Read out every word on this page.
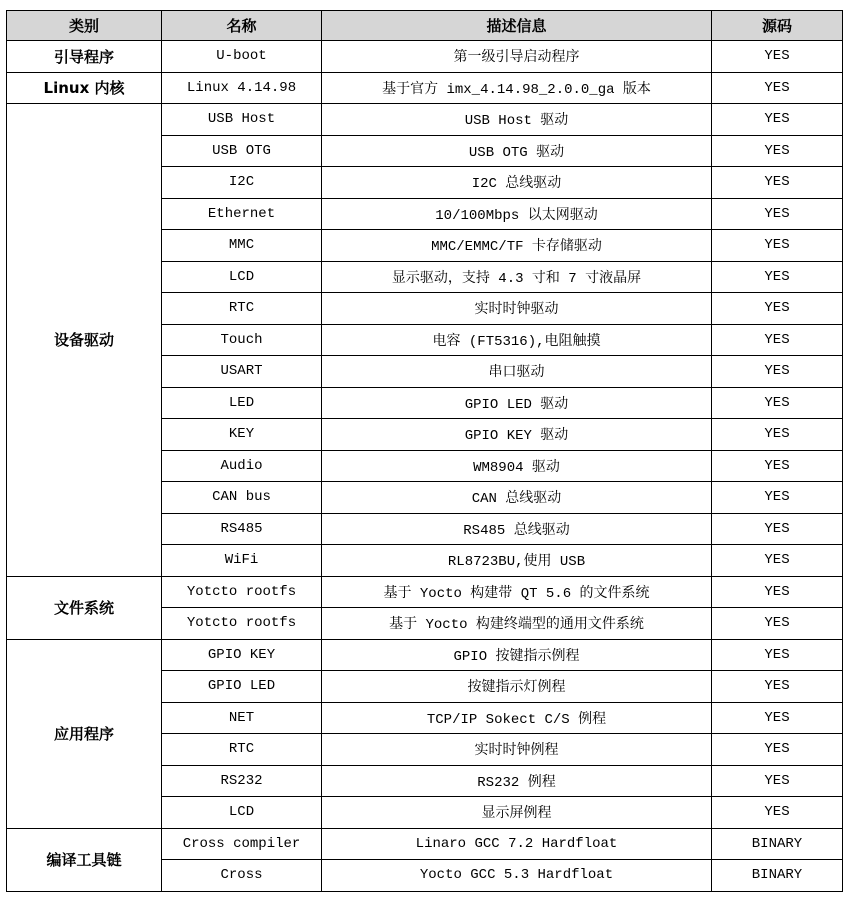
类别	名称	描述信息	源码
引导程序	U-boot	第一级引导启动程序	YES
Linux 内核	Linux 4.14.98	基于官方 imx_4.14.98_2.0.0_ga 版本	YES
设备驱动	USB Host	USB Host 驱动	YES
	USB OTG	USB OTG 驱动	YES
	I2C	I2C 总线驱动	YES
	Ethernet	10/100Mbps 以太网驱动	YES
	MMC	MMC/EMMC/TF 卡存储驱动	YES
	LCD	显示驱动，支持 4.3 寸和 7 寸液晶屏	YES
	RTC	实时时钟驱动	YES
	Touch	电容 (FT5316),电阻触摸	YES
	USART	串口驱动	YES
	LED	GPIO LED 驱动	YES
	KEY	GPIO KEY 驱动	YES
	Audio	WM8904 驱动	YES
	CAN bus	CAN 总线驱动	YES
	RS485	RS485 总线驱动	YES
	WiFi	RL8723BU,使用 USB	YES
文件系统	Yotcto rootfs	基于 Yocto 构建带 QT 5.6 的文件系统	YES
	Yotcto rootfs	基于 Yocto 构建终端型的通用文件系统	YES
应用程序	GPIO KEY	GPIO 按键指示例程	YES
	GPIO LED	按键指示灯例程	YES
	NET	TCP/IP Sokect C/S 例程	YES
	RTC	实时时钟例程	YES
	RS232	RS232 例程	YES
	LCD	显示屏例程	YES
编译工具链	Cross compiler	Linaro GCC 7.2 Hardfloat	BINARY
	Cross	Yocto GCC 5.3 Hardfloat	BINARY
